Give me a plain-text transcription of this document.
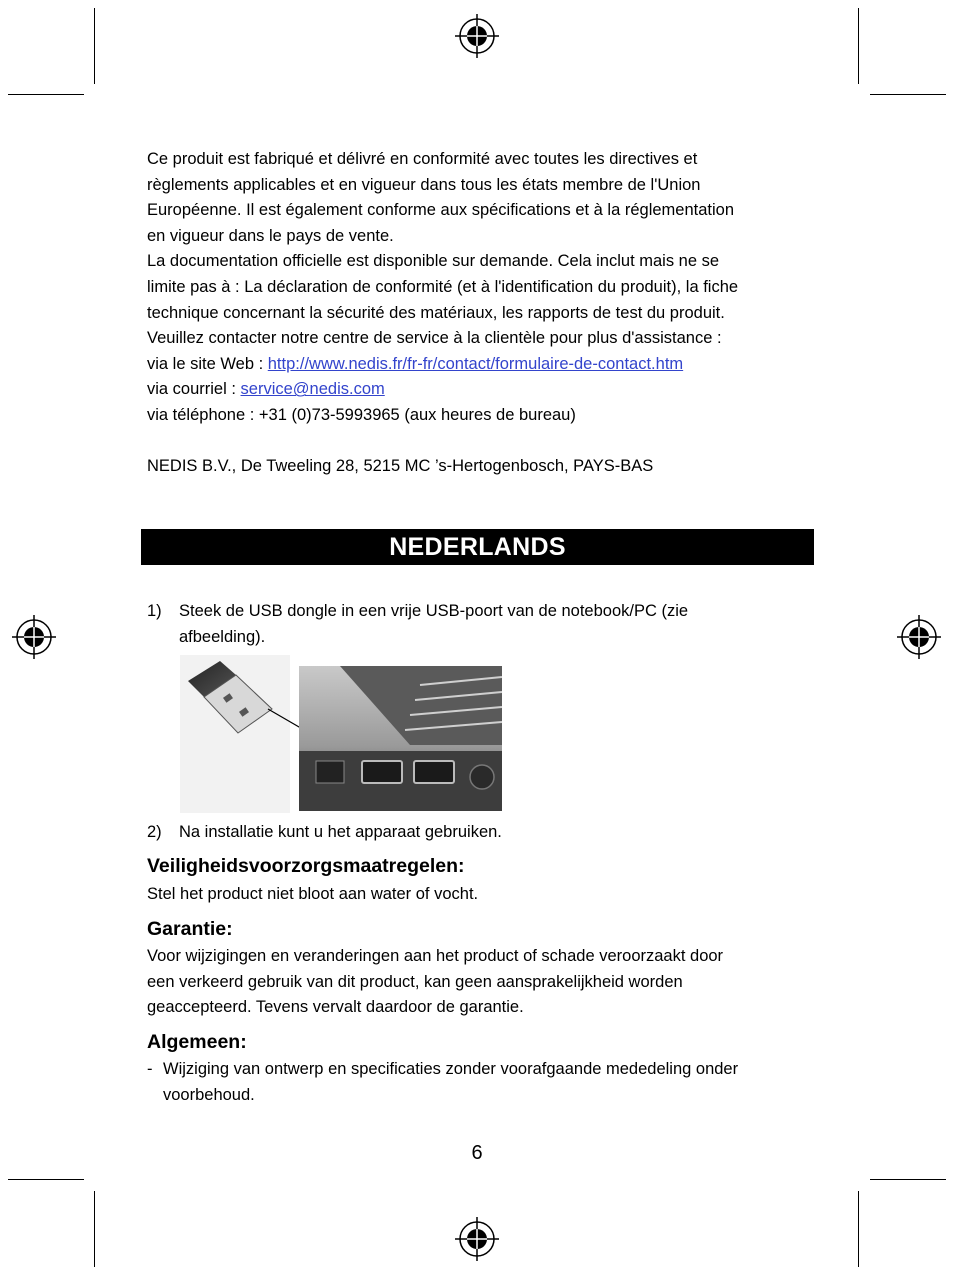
Ce produit est fabriqué et délivré en conformité avec toutes les directives et
règlements applicables et en vigueur dans tous les états membre de l'Union
Européenne. Il est également conforme aux spécifications et à la réglementation
en vigueur dans le pays de vente.
La documentation officielle est disponible sur demande. Cela inclut mais ne se
limite pas à : La déclaration de conformité (et à l'identification du produit), la fiche
technique concernant la sécurité des matériaux, les rapports de test du produit.
Veuillez contacter notre centre de service à la clientèle pour plus d'assistance :
via le site Web : http://www.nedis.fr/fr-fr/contact/formulaire-de-contact.htm
via courriel : service@nedis.com
via téléphone : +31 (0)73-5993965 (aux heures de bureau)

NEDIS B.V., De Tweeling 28, 5215 MC ’s-Hertogenbosch, PAYS-BAS
NEDERLANDS
1) Steek de USB dongle in een vrije USB-poort van de notebook/PC (zie
afbeelding).
2) Na installatie kunt u het apparaat gebruiken.
Veiligheidsvoorzorgsmaatregelen:
Stel het product niet bloot aan water of vocht.
Garantie:
Voor wijzigingen en veranderingen aan het product of schade veroorzaakt door
een verkeerd gebruik van dit product, kan geen aansprakelijkheid worden
geaccepteerd. Tevens vervalt daardoor de garantie.
Algemeen:
- Wijziging van ontwerp en specificaties zonder voorafgaande mededeling onder
voorbehoud.
6
